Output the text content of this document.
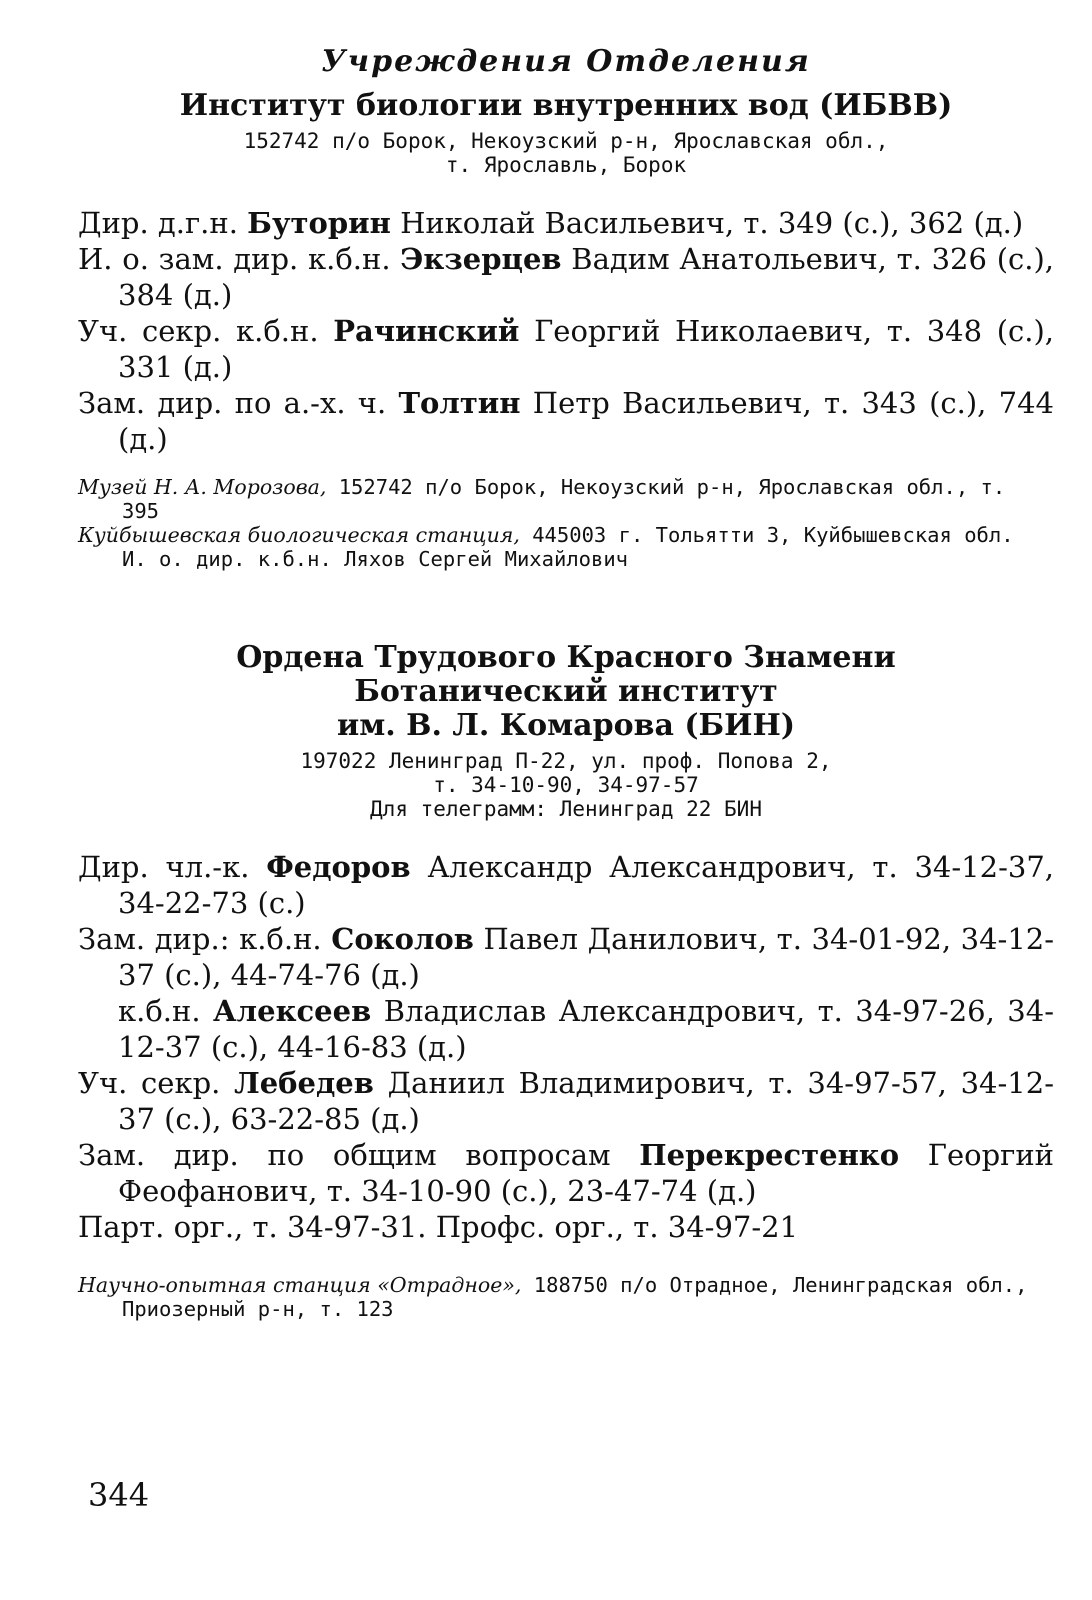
Учреждения Отделения
Институт биологии внутренних вод (ИБВВ)
152742 п/о Борок, Некоузский р-н, Ярославская обл.,
т. Ярославль, Борок

Дир. д.г.н. Буторин Николай Васильевич, т. 349 (с.), 362 (д.)

И. о. зам. дир. к.б.н. Экзерцев Вадим Анатольевич, т. 326 (с.), 384 (д.)

Уч. секр. к.б.н. Рачинский Георгий Николаевич, т. 348 (с.), 331 (д.)

Зам. дир. по а.-х. ч. Толтин Петр Васильевич, т. 343 (с.), 744 (д.)

Музей Н. А. Морозова, 152742 п/о Борок, Некоузский р-н, Ярославская обл., т. 395

Куйбышевская биологическая станция, 445003 г. Тольятти 3, Куйбышевская обл.

И. о. дир. к.б.н. Ляхов Сергей Михайлович

Ордена Трудового Красного Знамени
Ботанический институт
им. В. Л. Комарова (БИН)
197022 Ленинград П-22, ул. проф. Попова 2,
т. 34-10-90, 34-97-57
Для телеграмм: Ленинград 22 БИН

Дир. чл.-к. Федоров Александр Александрович, т. 34-12-37, 34-22-73 (с.)

Зам. дир.: к.б.н. Соколов Павел Данилович, т. 34-01-92, 34-12-37 (с.), 44-74-76 (д.)

к.б.н. Алексеев Владислав Александрович, т. 34-97-26, 34-12-37 (с.), 44-16-83 (д.)

Уч. секр. Лебедев Даниил Владимирович, т. 34-97-57, 34-12-37 (с.), 63-22-85 (д.)

Зам. дир. по общим вопросам Перекрестенко Георгий Феофанович, т. 34-10-90 (с.), 23-47-74 (д.)

Парт. орг., т. 34-97-31. Профс. орг., т. 34-97-21

Научно-опытная станция «Отрадное», 188750 п/о Отрадное, Ленинградская обл., Приозерный р-н, т. 123

344
